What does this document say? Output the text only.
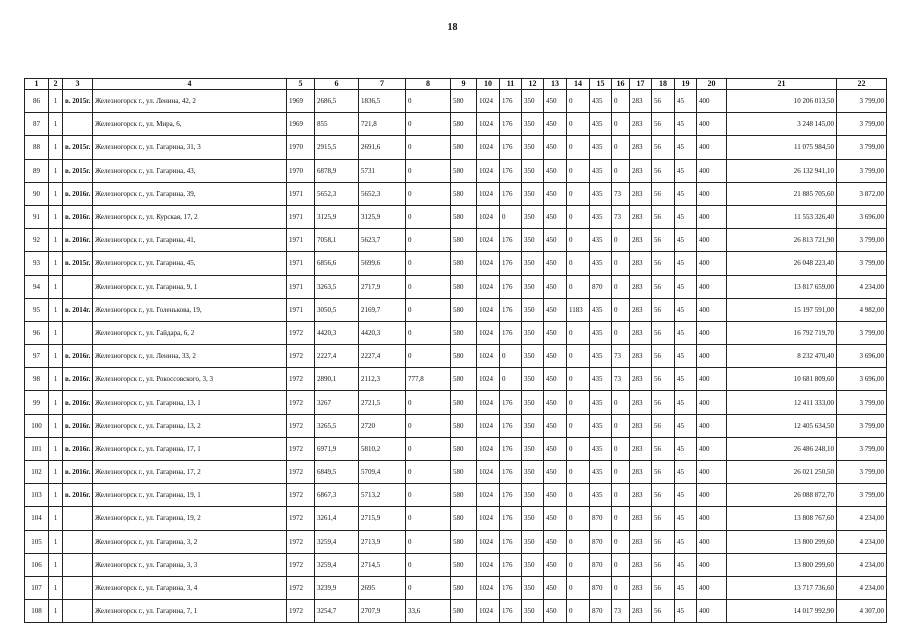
18
1	2	3	4	5	6	7	8	9	10	11	12	13	14	15	16	17	18	19	20	21	22
86	1	в. 2015г.	Железногорск г., ул. Ленина, 42, 2	1969	2686,5	1836,5	0	580	1024	176	350	450	0	435	0	283	56	45	400	10 206 013,50	3 799,00
87	1		Железногорск г., ул. Мира, 6,	1969	855	721,8	0	580	1024	176	350	450	0	435	0	283	56	45	400	3 248 145,00	3 799,00
88	1	в. 2015г.	Железногорск г., ул. Гагарина, 31, 3	1970	2915,5	2691,6	0	580	1024	176	350	450	0	435	0	283	56	45	400	11 075 984,50	3 799,00
89	1	в. 2015г.	Железногорск г., ул. Гагарина, 43,	1970	6878,9	5731	0	580	1024	176	350	450	0	435	0	283	56	45	400	26 132 941,10	3 799,00
90	1	в. 2016г.	Железногорск г., ул. Гагарина, 39,	1971	5652,3	5652,3	0	580	1024	176	350	450	0	435	73	283	56	45	400	21 885 705,60	3 872,00
91	1	в. 2016г.	Железногорск г., ул. Курская, 17, 2	1971	3125,9	3125,9	0	580	1024	0	350	450	0	435	73	283	56	45	400	11 553 326,40	3 696,00
92	1	в. 2016г.	Железногорск г., ул. Гагарина, 41,	1971	7058,1	5623,7	0	580	1024	176	350	450	0	435	0	283	56	45	400	26 813 721,90	3 799,00
93	1	в. 2015г.	Железногорск г., ул. Гагарина, 45,	1971	6856,6	5699,6	0	580	1024	176	350	450	0	435	0	283	56	45	400	26 048 223,40	3 799,00
94	1		Железногорск г., ул. Гагарина, 9, 1	1971	3263,5	2717,9	0	580	1024	176	350	450	0	870	0	283	56	45	400	13 817 659,00	4 234,00
95	1	в. 2014г.	Железногорск г., ул. Голенькова, 19,	1971	3050,5	2169,7	0	580	1024	176	350	450	1183	435	0	283	56	45	400	15 197 591,00	4 982,00
96	1		Железногорск г., ул. Гайдара, 6, 2	1972	4420,3	4420,3	0	580	1024	176	350	450	0	435	0	283	56	45	400	16 792 719,70	3 799,00
97	1	в. 2016г.	Железногорск г., ул. Ленина, 33, 2	1972	2227,4	2227,4	0	580	1024	0	350	450	0	435	73	283	56	45	400	8 232 470,40	3 696,00
98	1	в. 2016г.	Железногорск г., ул. Рокоссовского, 3, 3	1972	2890,1	2112,3	777,8	580	1024	0	350	450	0	435	73	283	56	45	400	10 681 809,60	3 696,00
99	1	в. 2016г.	Железногорск г., ул. Гагарина, 13, 1	1972	3267	2721,5	0	580	1024	176	350	450	0	435	0	283	56	45	400	12 411 333,00	3 799,00
100	1	в. 2016г.	Железногорск г., ул. Гагарина, 13, 2	1972	3265,5	2720	0	580	1024	176	350	450	0	435	0	283	56	45	400	12 405 634,50	3 799,00
101	1	в. 2016г.	Железногорск г., ул. Гагарина, 17, 1	1972	6971,9	5810,2	0	580	1024	176	350	450	0	435	0	283	56	45	400	26 486 248,10	3 799,00
102	1	в. 2016г.	Железногорск г., ул. Гагарина, 17, 2	1972	6849,5	5709,4	0	580	1024	176	350	450	0	435	0	283	56	45	400	26 021 250,50	3 799,00
103	1	в. 2016г.	Железногорск г., ул. Гагарина, 19, 1	1972	6867,3	5713,2	0	580	1024	176	350	450	0	435	0	283	56	45	400	26 088 872,70	3 799,00
104	1		Железногорск г., ул. Гагарина, 19, 2	1972	3261,4	2715,9	0	580	1024	176	350	450	0	870	0	283	56	45	400	13 808 767,60	4 234,00
105	1		Железногорск г., ул. Гагарина, 3, 2	1972	3259,4	2713,9	0	580	1024	176	350	450	0	870	0	283	56	45	400	13 800 299,60	4 234,00
106	1		Железногорск г., ул. Гагарина, 3, 3	1972	3259,4	2714,5	0	580	1024	176	350	450	0	870	0	283	56	45	400	13 800 299,60	4 234,00
107	1		Железногорск г., ул. Гагарина, 3, 4	1972	3239,9	2695	0	580	1024	176	350	450	0	870	0	283	56	45	400	13 717 736,60	4 234,00
108	1		Железногорск г., ул. Гагарина, 7, 1	1972	3254,7	2707,9	33,6	580	1024	176	350	450	0	870	73	283	56	45	400	14 017 992,90	4 307,00
